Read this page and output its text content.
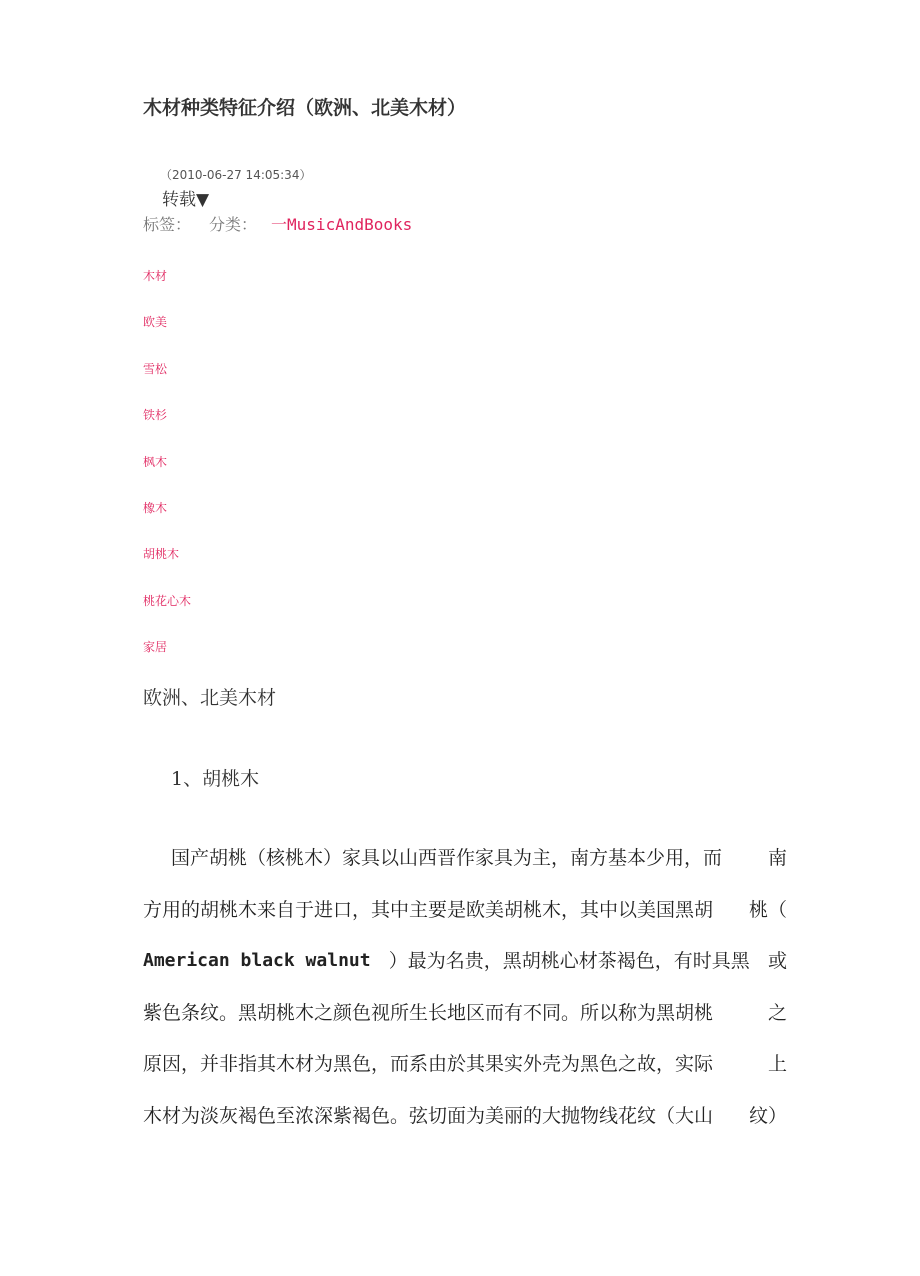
木材种类特征介绍（欧洲、北美木材）
（2010-06-27 14:05:34）
转载▼
标签： 分类： 一MusicAndBooks
木材
欧美
雪松
铁杉
枫木
橡木
胡桃木
桃花心木
家居
欧洲、北美木材
1、胡桃木
国产胡桃（核桃木）家具以山西晋作家具为主，南方基本少用，而 南
方用的胡桃木来自于进口，其中主要是欧美胡桃木，其中以美国黑胡 桃（
American black walnut ）最为名贵，黑胡桃心材茶褐色，有时具黑 或
紫色条纹。黑胡桃木之颜色视所生长地区而有不同。所以称为黑胡桃	之
原因，并非指其木材为黑色，而系由於其果实外壳为黑色之故，实际	上
木材为淡灰褐色至浓深紫褐色。弦切面为美丽的大抛物线花纹（大山 纹）
